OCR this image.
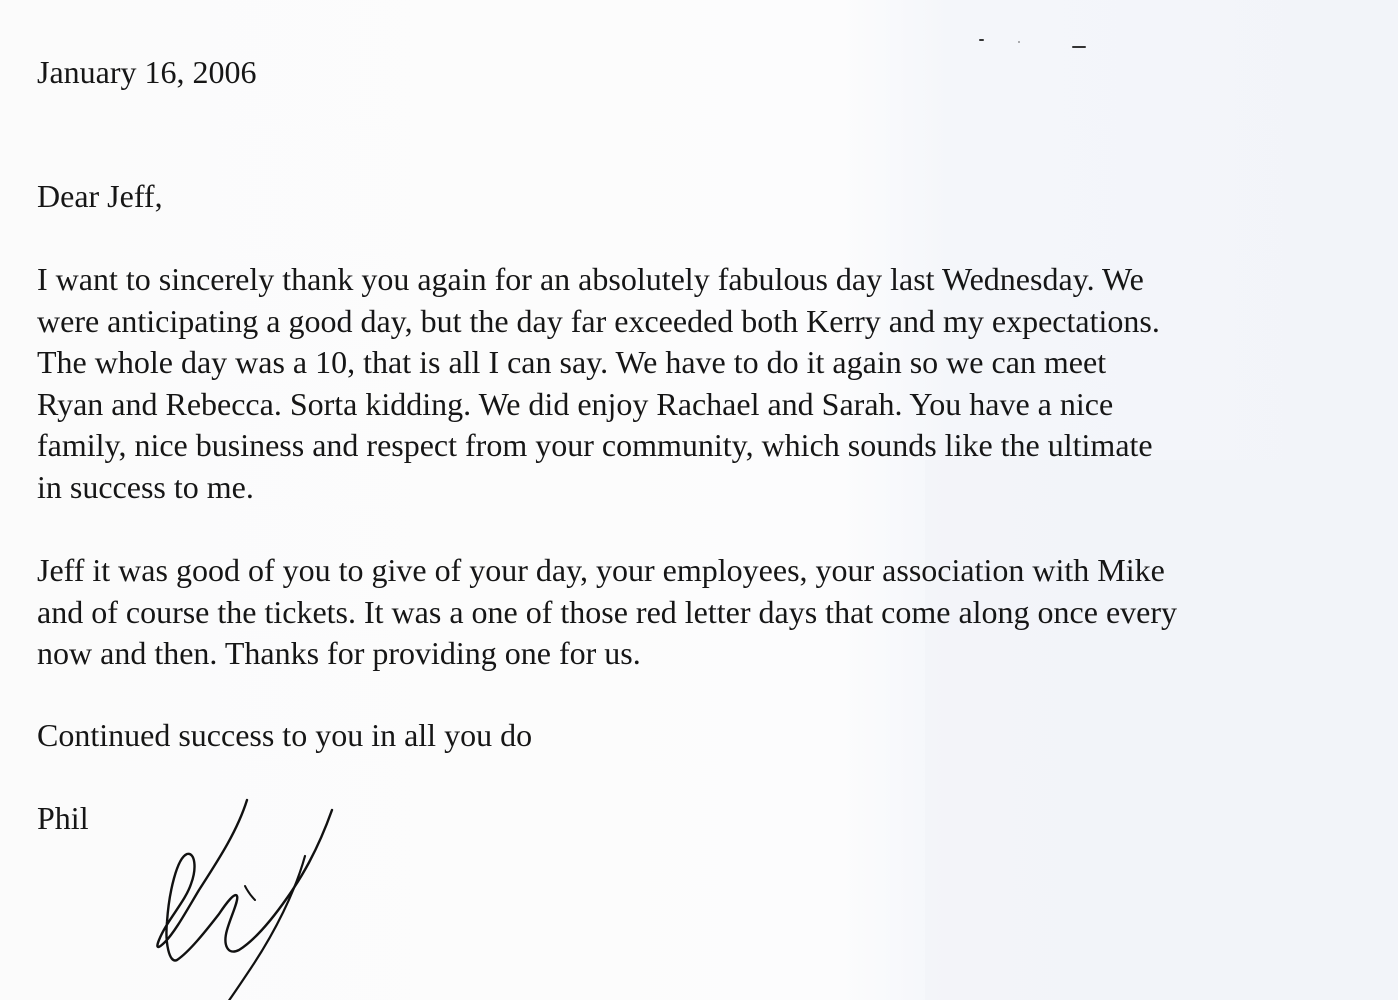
January 16, 2006
Dear Jeff,
I want to sincerely thank you again for an absolutely fabulous day last Wednesday. We
were anticipating a good day, but the day far exceeded both Kerry and my expectations.
The whole day was a 10, that is all I can say. We have to do it again so we can meet
Ryan and Rebecca. Sorta kidding. We did enjoy Rachael and Sarah. You have a nice
family, nice business and respect from your community, which sounds like the ultimate
in success to me.
Jeff it was good of you to give of your day, your employees, your association with Mike
and of course the tickets. It was a one of those red letter days that come along once every
now and then. Thanks for providing one for us.
Continued success to you in all you do
Phil
